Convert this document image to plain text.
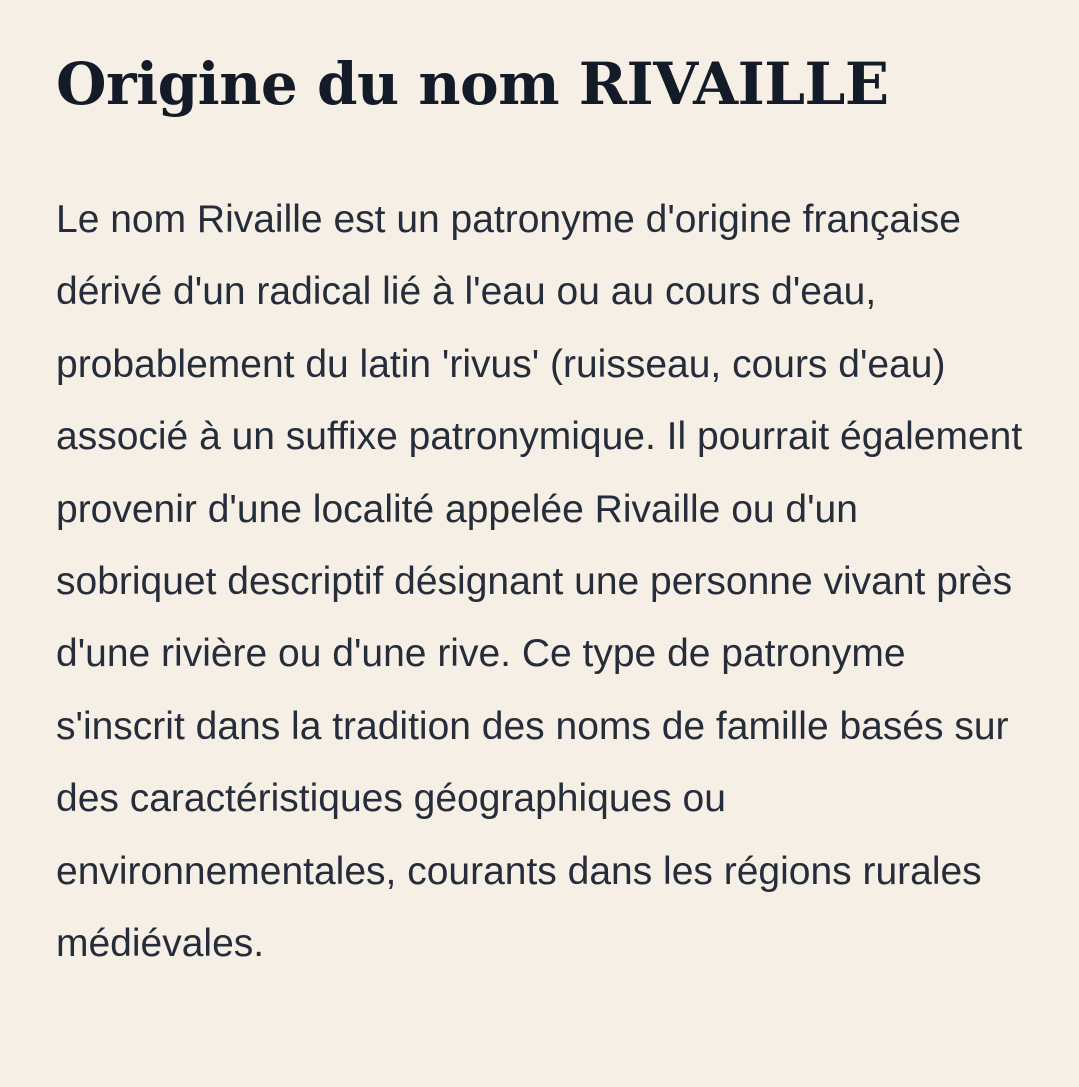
Origine du nom RIVAILLE

Le nom Rivaille est un patronyme d'origine française dérivé d'un radical lié à l'eau ou au cours d'eau, probablement du latin 'rivus' (ruisseau, cours d'eau) associé à un suffixe patronymique. Il pourrait également provenir d'une localité appelée Rivaille ou d'un sobriquet descriptif désignant une personne vivant près d'une rivière ou d'une rive. Ce type de patronyme s'inscrit dans la tradition des noms de famille basés sur des caractéristiques géographiques ou environnementales, courants dans les régions rurales médiévales.
